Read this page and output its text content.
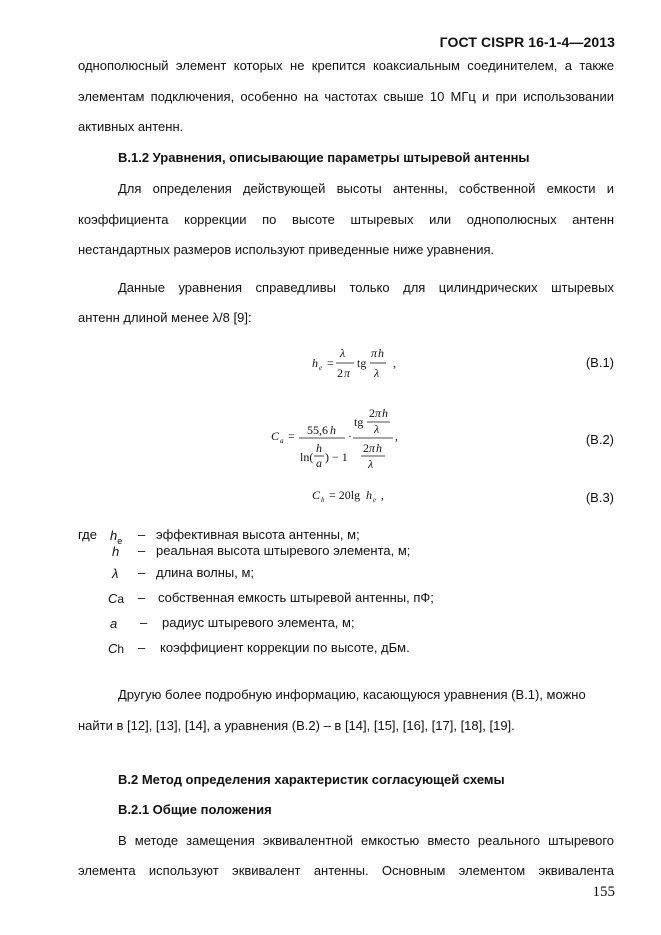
ГОСТ CISPR 16-1-4—2013
однополюсный элемент которых не крепится коаксиальным соединителем, а также
элементам подключения, особенно на частотах свыше 10 МГц и при использовании
активных антенн.
В.1.2 Уравнения, описывающие параметры штыревой антенны
Для определения действующей высоты антенны, собственной емкости и
коэффициента коррекции по высоте штыревых или однополюсных антенн
нестандартных размеров используют приведенные ниже уравнения.
Данные уравнения справедливы только для цилиндрических штыревых
антенн длиной менее λ/8 [9]:
h e =
λ
2 π
tg
π h
λ
,
C a = 55,6 h
ln(
h
a ) − 1
·
tg
2 π h
λ
2 π h
λ
,
C h = 20lg h e ,
(В.1)
(В.2)
(В.3)
где $h_e$ – эффективная высота антенны, м;
h – реальная высота штыревого элемента, м;
λ – длина волны, м;
Ca – собственная емкость штыревой антенны, пФ;
a – радиус штыревого элемента, м;
Ch – коэффициент коррекции по высоте, дБм.
Другую более подробную информацию, касающуюся уравнения (В.1), можно
найти в [12], [13], [14], а уравнения (В.2) – в [14], [15], [16], [17], [18], [19].
В.2 Метод определения характеристик согласующей схемы
В.2.1 Общие положения
В методе замещения эквивалентной емкостью вместо реального штыревого
элемента используют эквивалент антенны. Основным элементом эквивалента
155
